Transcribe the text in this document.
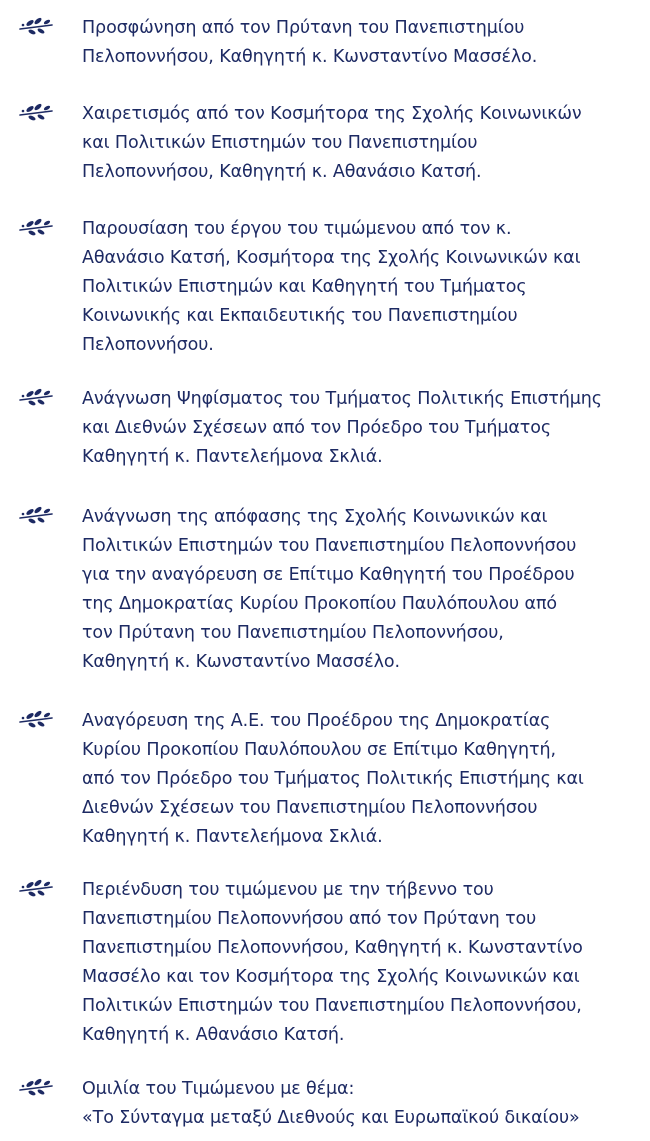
Προσφώνηση από τον Πρύτανη του Πανεπιστημίου
Πελοποννήσου, Καθηγητή κ. Κωνσταντίνο Μασσέλο.
Χαιρετισμός από τον Κοσμήτορα της Σχολής Κοινωνικών
και Πολιτικών Επιστημών του Πανεπιστημίου
Πελοποννήσου, Καθηγητή κ. Αθανάσιο Κατσή.
Παρουσίαση του έργου του τιμώμενου από τον κ.
Αθανάσιο Κατσή, Κοσμήτορα της Σχολής Κοινωνικών και
Πολιτικών Επιστημών και Καθηγητή του Τμήματος
Κοινωνικής και Εκπαιδευτικής του Πανεπιστημίου
Πελοποννήσου.
Ανάγνωση Ψηφίσματος του Τμήματος Πολιτικής Επιστήμης
και Διεθνών Σχέσεων από τον Πρόεδρο του Τμήματος
Καθηγητή κ. Παντελεήμονα Σκλιά.
Ανάγνωση της απόφασης της Σχολής Κοινωνικών και
Πολιτικών Επιστημών του Πανεπιστημίου Πελοποννήσου
για την αναγόρευση σε Επίτιμο Καθηγητή του Προέδρου
της Δημοκρατίας Κυρίου Προκοπίου Παυλόπουλου από
τον Πρύτανη του Πανεπιστημίου Πελοποννήσου,
Καθηγητή κ. Κωνσταντίνο Μασσέλο.
Αναγόρευση της Α.Ε. του Προέδρου της Δημοκρατίας
Κυρίου Προκοπίου Παυλόπουλου σε Επίτιμο Καθηγητή,
από τον Πρόεδρο του Τμήματος Πολιτικής Επιστήμης και
Διεθνών Σχέσεων του Πανεπιστημίου Πελοποννήσου
Καθηγητή κ. Παντελεήμονα Σκλιά.
Περιένδυση του τιμώμενου με την τήβεννο του
Πανεπιστημίου Πελοποννήσου από τον Πρύτανη του
Πανεπιστημίου Πελοποννήσου, Καθηγητή κ. Κωνσταντίνο
Μασσέλο και τον Κοσμήτορα της Σχολής Κοινωνικών και
Πολιτικών Επιστημών του Πανεπιστημίου Πελοποννήσου,
Καθηγητή κ. Αθανάσιο Κατσή.
Ομιλία του Τιμώμενου με θέμα:
«Το Σύνταγμα μεταξύ Διεθνούς και Ευρωπαϊκού δικαίου»
